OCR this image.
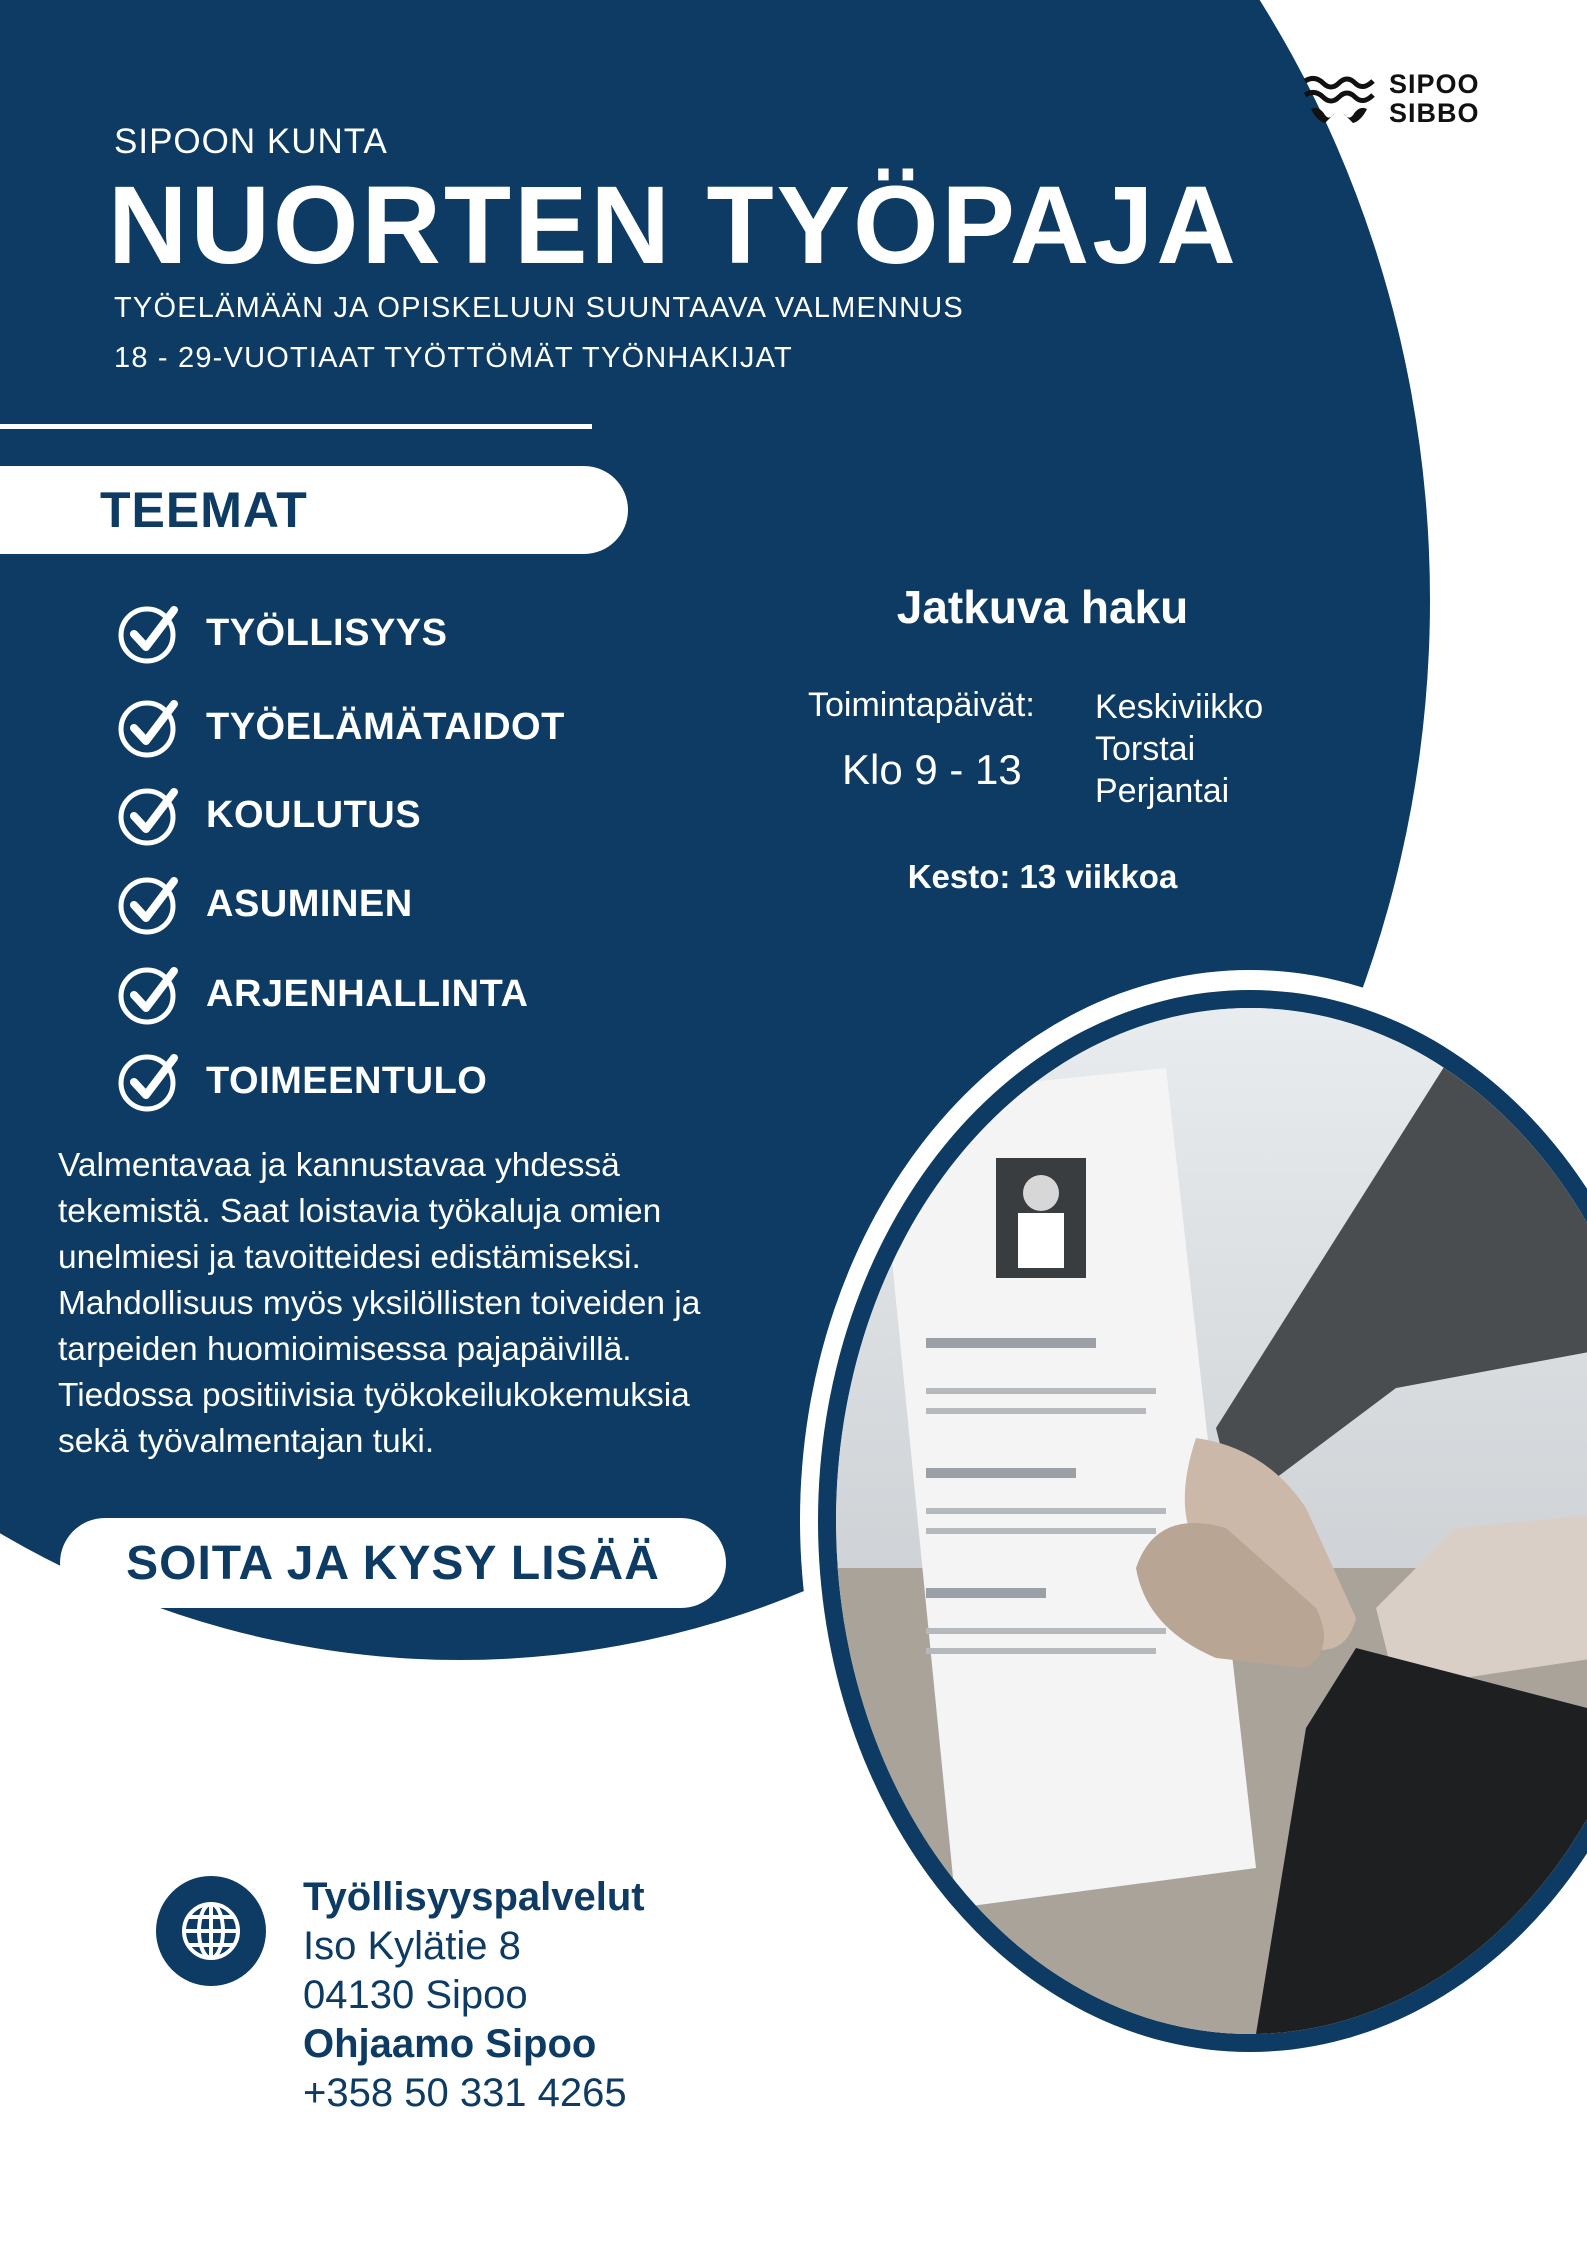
SIPOO
SIBBO
SIPOON KUNTA
NUORTEN TYÖPAJA
TYÖELÄMÄÄN JA OPISKELUUN SUUNTAAVA VALMENNUS
18 - 29-VUOTIAAT TYÖTTÖMÄT TYÖNHAKIJAT
TEEMAT
TYÖLLISYYS
TYÖELÄMÄTAIDOT
KOULUTUS
ASUMINEN
ARJENHALLINTA
TOIMEENTULO
Jatkuva haku
Toimintapäivät:
Klo 9 - 13
Keskiviikko
Torstai
Perjantai
Kesto: 13 viikkoa
Valmentavaa ja kannustavaa yhdessä
tekemistä. Saat loistavia työkaluja omien
unelmiesi ja tavoitteidesi edistämiseksi.
Mahdollisuus myös yksilöllisten toiveiden ja
tarpeiden huomioimisessa pajapäivillä.
Tiedossa positiivisia työkokeilukokemuksia
sekä työvalmentajan tuki.
SOITA JA KYSY LISÄÄ
Työllisyyspalvelut
Iso Kylätie 8
04130 Sipoo
Ohjaamo Sipoo
+358 50 331 4265
